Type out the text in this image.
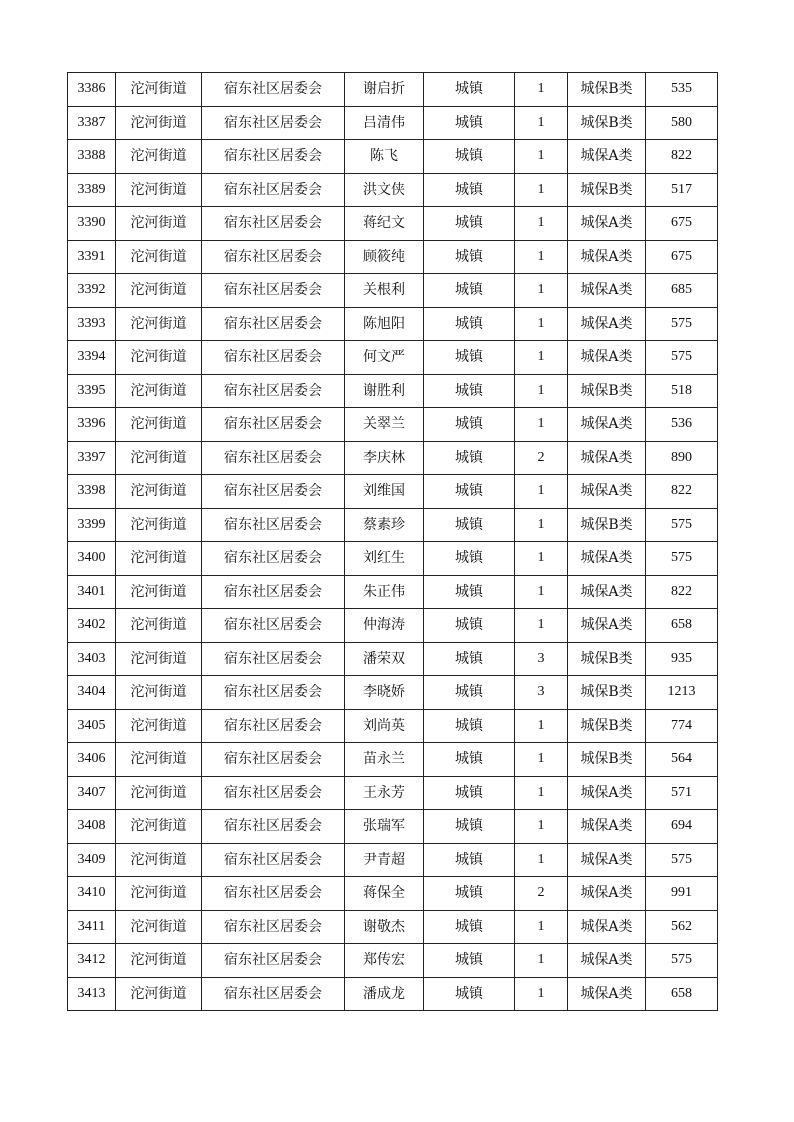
3386	沱河街道	宿东社区居委会	谢启折	城镇	1	城保B类	535
3387	沱河街道	宿东社区居委会	吕清伟	城镇	1	城保B类	580
3388	沱河街道	宿东社区居委会	陈飞	城镇	1	城保A类	822
3389	沱河街道	宿东社区居委会	洪文侠	城镇	1	城保B类	517
3390	沱河街道	宿东社区居委会	蒋纪文	城镇	1	城保A类	675
3391	沱河街道	宿东社区居委会	顾筱纯	城镇	1	城保A类	675
3392	沱河街道	宿东社区居委会	关根利	城镇	1	城保A类	685
3393	沱河街道	宿东社区居委会	陈旭阳	城镇	1	城保A类	575
3394	沱河街道	宿东社区居委会	何文严	城镇	1	城保A类	575
3395	沱河街道	宿东社区居委会	谢胜利	城镇	1	城保B类	518
3396	沱河街道	宿东社区居委会	关翠兰	城镇	1	城保A类	536
3397	沱河街道	宿东社区居委会	李庆林	城镇	2	城保A类	890
3398	沱河街道	宿东社区居委会	刘维国	城镇	1	城保A类	822
3399	沱河街道	宿东社区居委会	蔡素珍	城镇	1	城保B类	575
3400	沱河街道	宿东社区居委会	刘红生	城镇	1	城保A类	575
3401	沱河街道	宿东社区居委会	朱正伟	城镇	1	城保A类	822
3402	沱河街道	宿东社区居委会	仲海涛	城镇	1	城保A类	658
3403	沱河街道	宿东社区居委会	潘荣双	城镇	3	城保B类	935
3404	沱河街道	宿东社区居委会	李晓娇	城镇	3	城保B类	1213
3405	沱河街道	宿东社区居委会	刘尚英	城镇	1	城保B类	774
3406	沱河街道	宿东社区居委会	苗永兰	城镇	1	城保B类	564
3407	沱河街道	宿东社区居委会	王永芳	城镇	1	城保A类	571
3408	沱河街道	宿东社区居委会	张瑞军	城镇	1	城保A类	694
3409	沱河街道	宿东社区居委会	尹青超	城镇	1	城保A类	575
3410	沱河街道	宿东社区居委会	蒋保全	城镇	2	城保A类	991
3411	沱河街道	宿东社区居委会	谢敬杰	城镇	1	城保A类	562
3412	沱河街道	宿东社区居委会	郑传宏	城镇	1	城保A类	575
3413	沱河街道	宿东社区居委会	潘成龙	城镇	1	城保A类	658
